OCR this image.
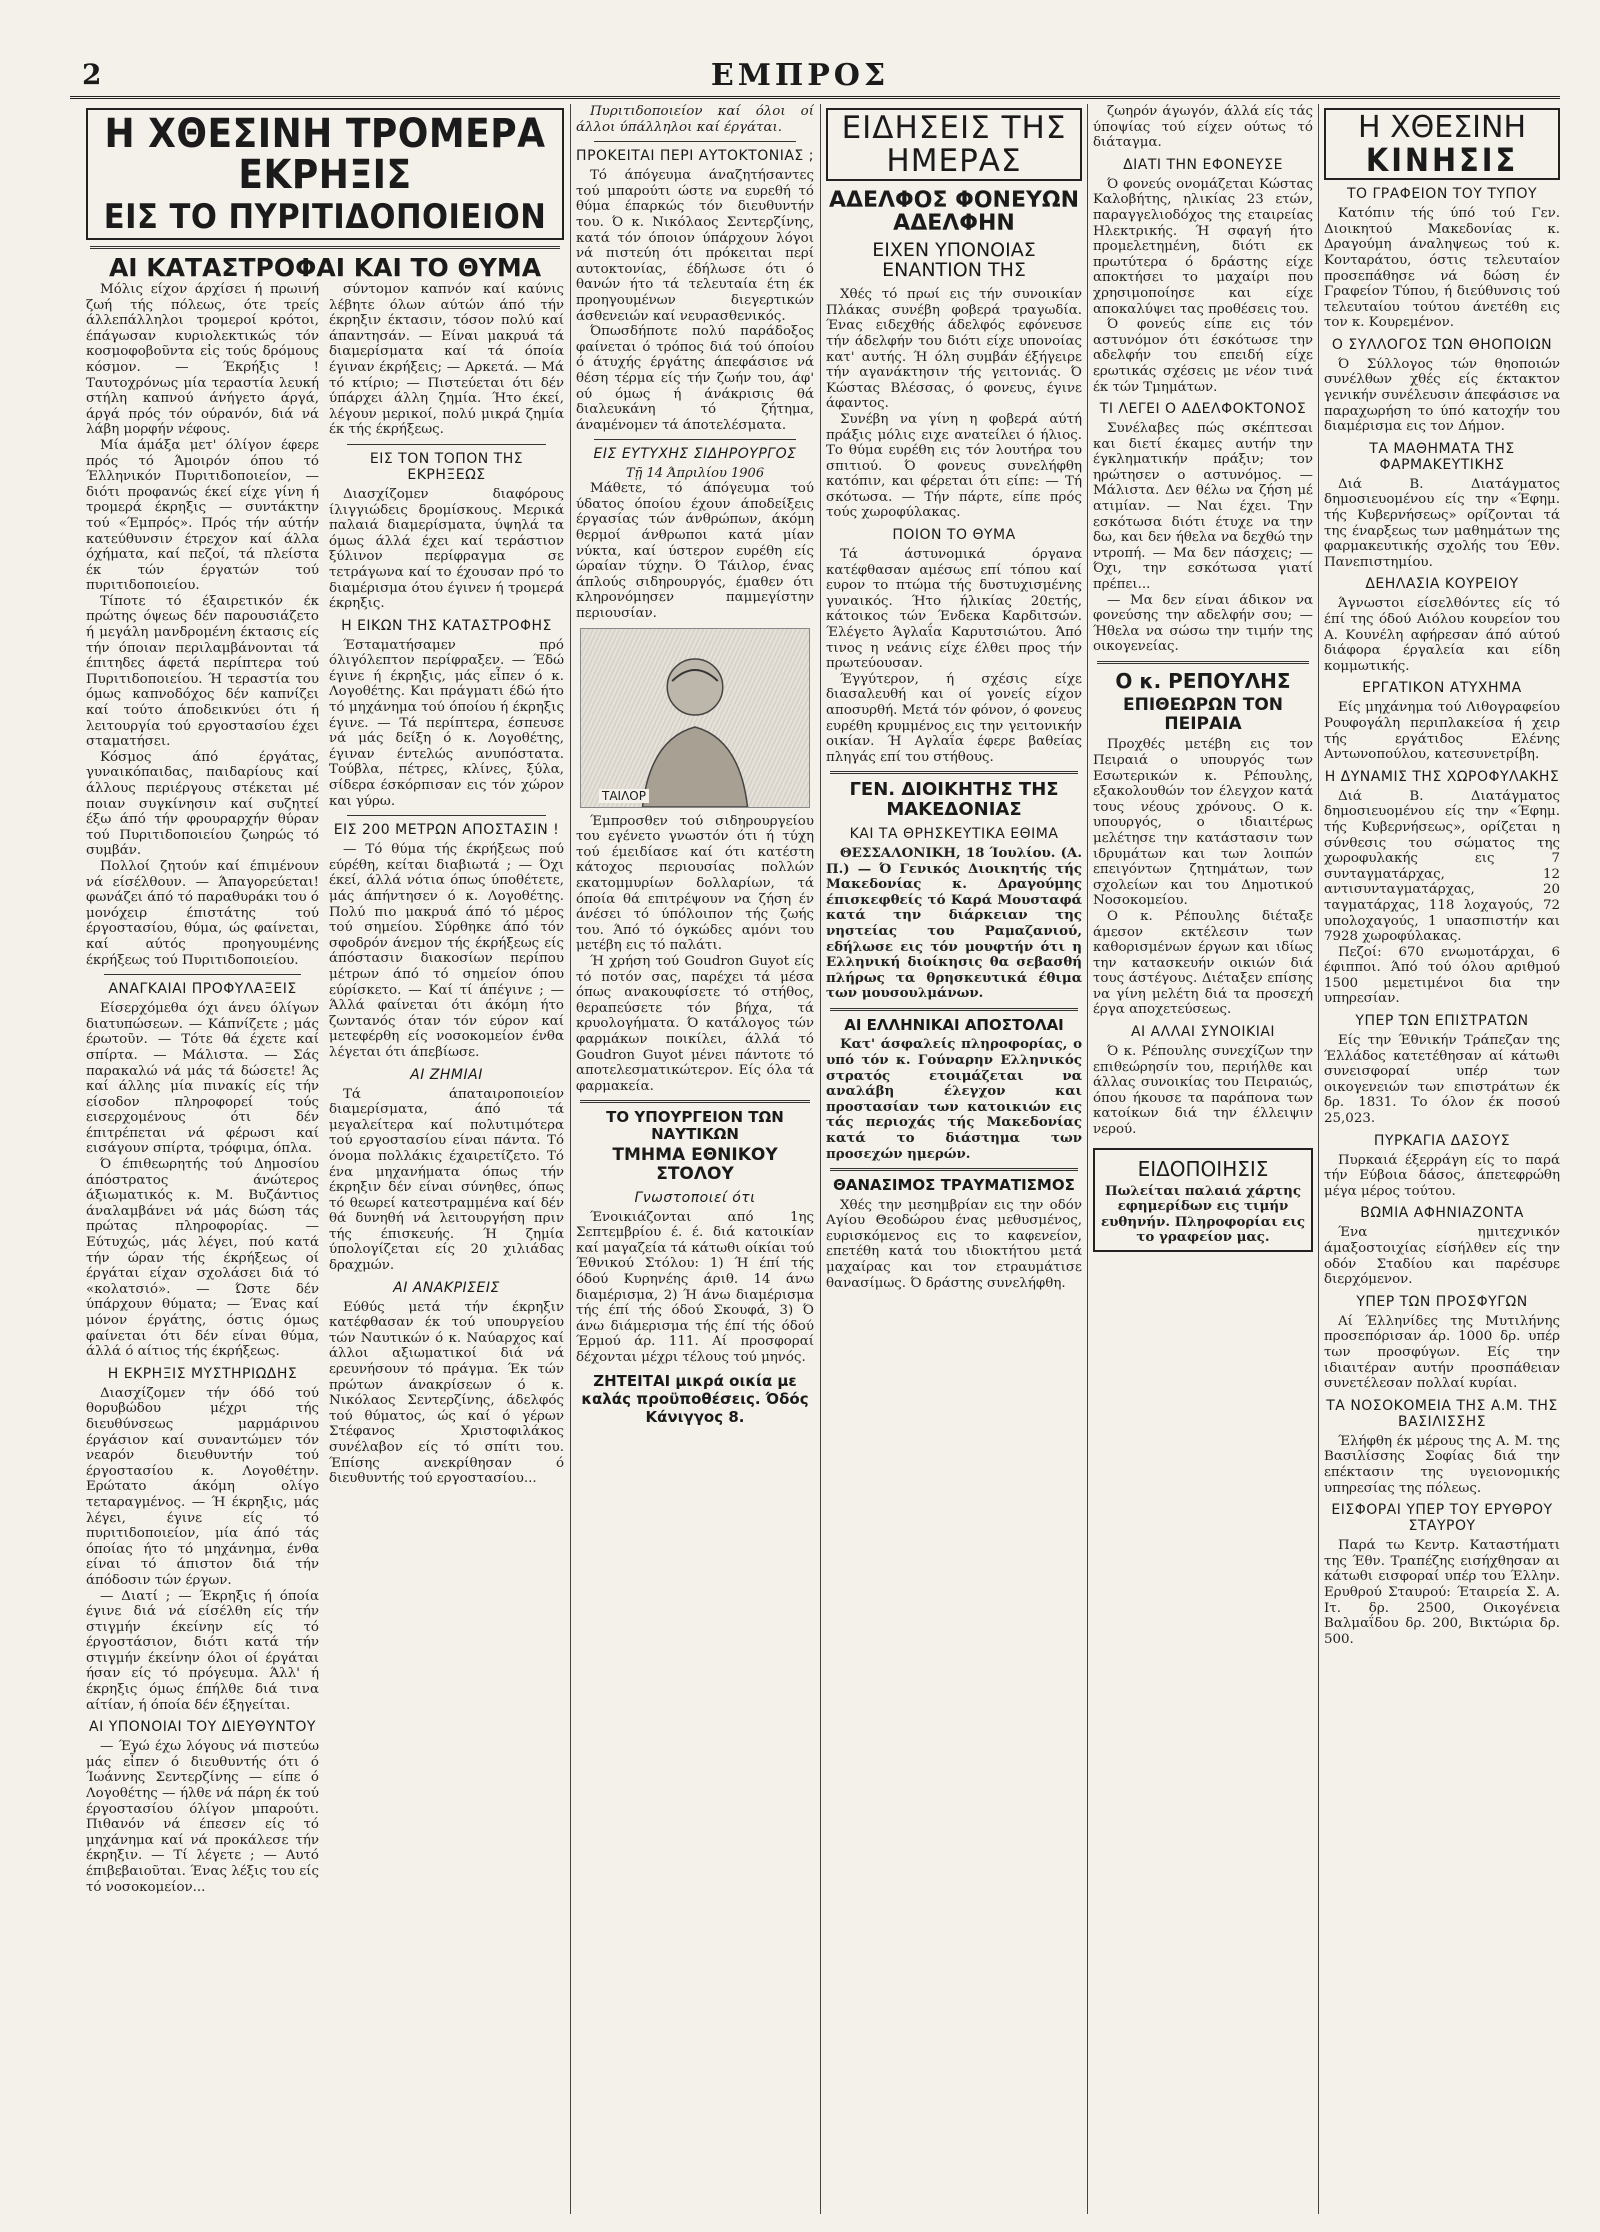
2	ΕΜΠΡΟΣ
Η ΧΘΕΣΙΝΗ ΤΡΟΜΕΡΑ ΕΚΡΗΞΙΣ
ΕΙΣ ΤΟ ΠΥΡΙΤΙΔΟΠΟΙΕΙΟΝ
ΑΙ ΚΑΤΑΣΤΡΟΦΑΙ ΚΑΙ ΤΟ ΘΥΜΑ

Μόλις είχον άρχίσει ή πρωινή ζωή τής πόλεως, ότε τρείς άλλεπάλληλοι τρομεροί κρότοι, έπάγωσαν κυριολεκτικώς τόν κοσμοφοβοῦντα εἰς τούς δρόμους κόσμον. — Έκρήξις ! Ταυτοχρόνως μία τεραστία λευκή στήλη καπνού άνήγετο άργά, άργά πρός τόν ούρανόν, διά νά λάβη μορφήν νέφους.

Μία άμάξα μετ' όλίγον έφερε πρός τό Άμοιρόν όπου τό Έλληνικόν Πυριτιδοποιείον, — διότι προφανώς έκεί είχε γίνη ή τρομερά έκρηξις — συντάκτην τού «Έμπρός». Πρός τήν αύτήν κατεύθυνσιν έτρεχον καί άλλα όχήματα, καί πεζοί, τά πλείστα έκ τών έργατών τού πυριτιδοποιείου.

Τίποτε τό έξαιρετικόν έκ πρώτης όψεως δέν παρουσιάζετο ή μεγάλη μανδρομένη έκτασις είς τήν όποιαν περιλαμβάνονται τά έπιτηδες άφετά περίπτερα τού Πυριτιδοποιείου. Ή τεραστία του όμως καπνοδόχος δέν καπνίζει καί τούτο άποδεικνύει ότι ή λειτουργία τού εργοστασίου έχει σταματήσει.

Κόσμος άπό έργάτας, γυναικόπαιδας, παιδαρίους καί άλλους περιέργους στέκεται μέ ποιαν συγκίνησιν καί συζητεί έξω άπό τήν φρουραρχήν θύραν τού Πυριτιδοποιείου ζωηρώς τό συμβάν.

Πολλοί ζητούν καί έπιμένουν νά είσέλθουν. — Άπαγορεύεται! φωνάζει άπό τό παραθυράκι του ό μονόχειρ έπιστάτης τού έργοστασίου, θύμα, ώς φαίνεται, καί αύτός προηγουμένης έκρήξεως τού Πυριτιδοποιείου.

ΑΝΑΓΚΑΙΑΙ ΠΡΟΦΥΛΑΞΕΙΣ

Είσερχόμεθα όχι άνευ όλίγων διατυπώσεων. — Κάπνίζετε ; μάς έρωτοῦν. — Τότε θά έχετε καί σπίρτα. — Μάλιστα. — Σάς παρακαλώ νά μάς τά δώσετε! Άς καί άλλης μία πινακίς είς τήν είσοδον πληροφορεί τούς εισερχομένους ότι δέν έπιτρέπεται νά φέρωσι καί εισάγουν σπίρτα, τρόφιμα, όπλα.

Ό έπιθεωρητής τού Δημοσίου άπόστρατος άνώτερος άξιωματικός κ. Μ. Βυζάντιος άναλαμβάνει νά μάς δώση τάς πρώτας πληροφορίας. — Εύτυχώς, μάς λέγει, πού κατά τήν ώραν τής έκρήξεως οί έργάται είχαν σχολάσει διά τό «κολατσιό». — Ώστε δέν ύπάρχουν θύματα; — Ένας καί μόνον έργάτης, όστις όμως φαίνεται ότι δέν είναι θύμα, άλλά ό αίτιος τής έκρήξεως.

Η ΕΚΡΗΞΙΣ ΜΥΣΤΗΡΙΩΔΗΣ

Διασχίζομεν τήν όδό τού θορυβώδου μέχρι τής διευθύνσεως μαρμάρινου έργάσιον καί συναντώμεν τόν νεαρόν διευθυντήν τού έργοστασίου κ. Λογοθέτην. Ερώτατο άκόμη ολίγο τεταραγμένος. — Ή έκρηξις, μάς λέγει, έγινε είς τό πυριτιδοποιείον, μία άπό τάς όποίας ήτο τό μηχάνημα, ένθα είναι τό άπιστον διά τήν άπόδοσιν τών έργων.

— Διατί ; — Έκρηξις ή όποία έγινε διά νά είσέλθη είς τήν στιγμήν έκείνην είς τό έργοστάσιον, διότι κατά τήν στιγμήν έκείνην όλοι οί έργάται ήσαν είς τό πρόγευμα. Άλλ' ή έκρηξις όμως έπήλθε διά τινα αίτίαν, ή όποία δέν έξηγείται.

ΑΙ ΥΠΟΝΟΙΑΙ ΤΟΥ ΔΙΕΥΘΥΝΤΟΥ

— Έγώ έχω λόγους νά πιστεύω μάς εἶπεν ό διευθυντής ότι ό Ίωάννης Σεντερζίνης — είπε ό Λογοθέτης — ήλθε νά πάρη έκ τού έργοστασίου όλίγον μπαρούτι. Πιθανόν νά έπεσεν είς τό μηχάνημα καί νά προκάλεσε τήν έκρηξιν. — Τί λέγετε ; — Αυτό έπιβεβαιοῦται. Ένας λέξις του είς τό νοσοκομείον...

σύντομον καπνόν καί καύνις λέβητε όλων αύτών άπό τήν έκρηξιν έκτασιν, τόσον πολύ καί άπαντησάν. — Είναι μακρυά τά διαμερίσματα καί τά όποία έγιναν έκρήξεις; — Αρκετά. — Μά τό κτίριο; — Πιστεύεται ότι δέν ύπάρχει άλλη ζημία. Ήτο έκεί, λέγουν μερικοί, πολύ μικρά ζημία έκ τής έκρήξεως.

ΕΙΣ ΤΟΝ ΤΟΠΟΝ ΤΗΣ ΕΚΡΗΞΕΩΣ

Διασχίζομεν διαφόρους ίλιγγιώδεις δρομίσκους. Μερικά παλαιά διαμερίσματα, ύψηλά τα όμως άλλά έχει καί τεράστιον ξύλινον περίφραγμα σε τετράγωνα καί το έχουσαν πρό το διαμέρισμα ότου έγινεν ή τρομερά έκρηξις.

Η ΕΙΚΩΝ ΤΗΣ ΚΑΤΑΣΤΡΟΦΗΣ

Έσταματήσαμεν πρό όλιγόλεπτον περίφραξεν. — Έδώ έγινε ή έκρηξις, μάς εἶπεν ό κ. Λογοθέτης. Και πράγματι έδώ ήτο τό μηχάνημα τού όποίου ή έκρηξις έγινε. — Τά περίπτερα, έσπευσε νά μάς δείξη ό κ. Λογοθέτης, έγιναν έντελώς ανυπόστατα. Τούβλα, πέτρες, κλίνες, ξύλα, σίδερα έσκόρπισαν εις τόν χώρον και γύρω.

ΕΙΣ 200 ΜΕΤΡΩΝ ΑΠΟΣΤΑΣΙΝ !

— Τό θύμα τής έκρήξεως πού εύρέθη, κείται διαβιωτά ; — Όχι έκεί, άλλά νότια όπως ύποθέτετε, μάς άπήντησεν ό κ. Λογοθέτης. Πολύ πιο μακρυά άπό τό μέρος τού σημείου. Σύρθηκε άπό τόν σφοδρόν άνεμον τής έκρήξεως είς άπόστασιν διακοσίων περίπου μέτρων άπό τό σημείον όπου εύρίσκετο. — Καί τί άπέγινε ; — Άλλά φαίνεται ότι άκόμη ήτο ζωντανός όταν τόν εύρον καί μετεφέρθη είς νοσοκομείον ένθα λέγεται ότι άπεβίωσε.

ΑΙ ΖΗΜΙΑΙ

Τά άπαταιροποιείον διαμερίσματα, άπό τά μεγαλείτερα καί πολυτιμότερα τού εργοστασίου είναι πάντα. Τό όνομα πολλάκις έχαιρετίζετο. Τό ένα μηχανήματα όπως τήν έκρηξιν δέν είναι σύνηθες, όπως τό θεωρεί κατεστραμμένα καί δέν θά δυνηθή νά λειτουργήση πριν τής έπισκευής. Ή ζημία ύπολογίζεται είς 20 χιλιάδας δραχμών.

ΑΙ ΑΝΑΚΡΙΣΕΙΣ

Εύθύς μετά τήν έκρηξιν κατέφθασαν έκ τού υπουργείου τών Ναυτικών ό κ. Ναύαρχος καί άλλοι αξιωματικοί διά νά ερευνήσουν τό πράγμα. Έκ τών πρώτων άνακρίσεων ό κ. Νικόλαος Σεντερζίνης, άδελφός τού θύματος, ώς καί ό γέρων Στέφανος Χριστοφιλάκος συνέλαβον είς τό σπίτι του. Έπίσης ανεκρίθησαν ό διευθυντής τού εργοστασίου...

Πυριτιδοποιείον καί όλοι οί άλλοι ύπάλληλοι καί έργάται.

ΠΡΟΚΕΙΤΑΙ ΠΕΡΙ ΑΥΤΟΚΤΟΝΙΑΣ ;

Τό άπόγευμα άναζητήσαντες τού μπαρούτι ώστε να ευρεθή τό θύμα έπαρκώς τόν διευθυντήν του. Ό κ. Νικόλαος Σεντερζίνης, κατά τόν όποιον ύπάρχουν λόγοι νά πιστεύη ότι πρόκειται περί αυτοκτονίας, έδήλωσε ότι ό θανών ήτο τά τελευταία έτη έκ προηγουμένων διεγερτικών άσθενειών καί νευρασθενικός.

Όπωσδήποτε πολύ παράδοξος φαίνεται ό τρόπος διά τού όποίου ό άτυχής έργάτης άπεφάσισε νά θέση τέρμα είς τήν ζωήν του, άφ' ού όμως ή άνάκρισις θά διαλευκάνη τό ζήτημα, άναμένομεν τά άποτελέσματα.

ΕΙΣ ΕΥΤΥΧΗΣ ΣΙΔΗΡΟΥΡΓΟΣ
Τῇ 14 Άπριλίου 1906

Μάθετε, τό άπόγευμα τού ύδατος όποίου έχουν άποδείξεις έργασίας τών άνθρώπων, άκόμη θερμοί άνθρωποι κατά μίαν νύκτα, καί ύστερον ευρέθη είς ώραίαν τύχην. Ό Τάιλορ, ένας άπλούς σιδηρουργός, έμαθεν ότι κληρονόμησεν παμμεγίστην περιουσίαν.

ΤΑΙΛΟΡ

Έμπροσθεν τού σιδηρουργείου του εγένετο γνωστόν ότι ή τύχη τού έμειδίασε καί ότι κατέστη κάτοχος περιουσίας πολλών εκατομμυρίων δολλαρίων, τά όποία θά επιτρέψουν να ζήση έν άνέσει τό ύπόλοιπον τής ζωής του. Άπό τό όγκώδες αμόνι του μετέβη εις τό παλάτι.

Ή χρήση τού Goudron Guyot είς τό ποτόν σας, παρέχει τά μέσα όπως ανακουφίσετε τό στήθος, θεραπεύσετε τόν βήχα, τά κρυολογήματα. Ό κατάλογος τών φαρμάκων ποικίλει, άλλά τό Goudron Guyot μένει πάντοτε τό αποτελεσματικώτερον. Είς όλα τά φαρμακεία.

ΤΟ ΥΠΟΥΡΓΕΙΟΝ ΤΩΝ ΝΑΥΤΙΚΩΝ
ΤΜΗΜΑ ΕΘΝΙΚΟΥ ΣΤΟΛΟΥ
Γνωστοποιεί ότι

Ένοικιάζονται από 1ης Σεπτεμβρίου έ. έ. διά κατοικίαν καί μαγαζεία τά κάτωθι οίκίαι τού Έθνικού Στόλου: 1) Ή έπί τής όδού Κυρηνέης άριθ. 14 άνω διαμέρισμα, 2) Ή άνω διαμέρισμα τής έπί τής όδού Σκουφά, 3) Ό άνω διάμερισμα τής έπί τής όδού Έρμού άρ. 111. Αί προσφοραί δέχονται μέχρι τέλους τού μηνός.

ΖΗΤΕΙΤΑΙ μικρά οικία με καλάς προϋποθέσεις. Όδός Κάνιγγος 8.
ΕΙΔΗΣΕΙΣ ΤΗΣ ΗΜΕΡΑΣ
ΑΔΕΛΦΟΣ ΦΟΝΕΥΩΝ ΑΔΕΛΦΗΝ
ΕΙΧΕΝ ΥΠΟΝΟΙΑΣ ΕΝΑΝΤΙΟΝ ΤΗΣ

Χθές τό πρωί εις τήν συνοικίαν Πλάκας συνέβη φοβερά τραγωδία. Ένας ειδεχθής άδελφός εφόνευσε τήν άδελφήν του διότι είχε υπονοίας κατ' αυτής. Ή όλη συμβάν έξήγειρε τήν αγανάκτησιν τής γειτονιάς. Ό Κώστας Βλέσσας, ό φονευς, έγινε άφαντος.

Συνέβη να γίνη η φοβερά αύτή πράξις μόλις ειχε ανατείλει ό ήλιος. Το θύμα ευρέθη εις τόν λουτήρα του σπιτιού. Ό φονευς συνελήφθη κατόπιν, και φέρεται ότι είπε: — Τή σκότωσα. — Τήν πάρτε, είπε πρός τούς χωροφύλακας.

ΠΟΙΟΝ ΤΟ ΘΥΜΑ

Τά άστυνομικά όργανα κατέφθασαν αμέσως επί τόπου καί ευρον το πτώμα τής δυστυχισμένης γυναικός. Ήτο ήλικίας 20ετής, κάτοικος τών Ένδεκα Καρδιτσών. Έλέγετο Άγλαΐα Καρυτσιώτου. Άπό τινος η νεάνις είχε έλθει προς τήν πρωτεύουσαν.

Έγγύτερον, ή σχέσις είχε διασαλευθή και οί γονείς είχον αποσυρθή. Μετά τόν φόνον, ό φονευς ευρέθη κρυμμένος εις την γειτονικήν οικίαν. Ή Αγλαΐα έφερε βαθείας πληγάς επί του στήθους.

ΓΕΝ. ΔΙΟΙΚΗΤΗΣ ΤΗΣ ΜΑΚΕΔΟΝΙΑΣ
ΚΑΙ ΤΑ ΘΡΗΣΚΕΥΤΙΚΑ ΕΘΙΜΑ

ΘΕΣΣΑΛΟΝΙΚΗ, 18 Ίουλίου. (Α. Π.) — Ό Γενικός Διοικητής τής Μακεδονίας κ. Δραγούμης έπισκεφθείς τό Καρά Μουσταφά κατά την διάρκειαν της νηστείας του Ραμαζανιού, εδήλωσε εις τόν μουφτήν ότι η Ελληνική διοίκησις θα σεβασθή πλήρως τα θρησκευτικά έθιμα των μουσουλμάνων.

ΑΙ ΕΛΛΗΝΙΚΑΙ ΑΠΟΣΤΟΛΑΙ

Κατ' άσφαλείς πληροφορίας, ο υπό τόν κ. Γούναρην Ελληνικός στρατός ετοιμάζεται να αναλάβη έλεγχον και προστασίαν των κατοικιών εις τάς περιοχάς τής Μακεδονίας κατά το διάστημα των προσεχών ημερών.

ΘΑΝΑΣΙΜΟΣ ΤΡΑΥΜΑΤΙΣΜΟΣ

Χθές την μεσημβρίαν εις την οδόν Αγίου Θεοδώρου ένας μεθυσμένος, ευρισκόμενος εις το καφενείον, επετέθη κατά του ιδιοκτήτου μετά μαχαίρας και τον ετραυμάτισε θανασίμως. Ό δράστης συνελήφθη.

ζωηρόν άγωγόν, άλλά είς τάς ύποψίας τού είχεν ούτως τό διάταγμα.

ΔΙΑΤΙ ΤΗΝ ΕΦΟΝΕΥΣΕ

Ό φονεύς ονομάζεται Κώστας Καλοβήτης, ηλικίας 23 ετών, παραγγελιοδόχος της εταιρείας Ηλεκτρικής. Ή σφαγή ήτο προμελετημένη, διότι εκ πρωτύτερα ό δράστης είχε αποκτήσει το μαχαίρι που χρησιμοποίησε και είχε αποκαλύψει τας προθέσεις του.

Ό φονεύς είπε εις τόν αστυνόμον ότι έσκότωσε την αδελφήν του επειδή είχε ερωτικάς σχέσεις με νέον τινά έκ τών Τμημάτων.

ΤΙ ΛΕΓΕΙ Ο ΑΔΕΛΦΟΚΤΟΝΟΣ

Συνέλαβες πώς σκέπτεσαι και διετί έκαμες αυτήν την έγκληματικήν πράξιν; τον ηρώτησεν ο αστυνόμος. — Μάλιστα. Δεν θέλω να ζήση μέ ατιμίαν. — Ναι έχει. Την εσκότωσα διότι έτυχε να την δω, και δεν ήθελα να δεχθώ την ντροπή. — Μα δεν πάσχεις; — Όχι, την εσκότωσα γιατί πρέπει...

— Μα δεν είναι άδικον να φονεύσης την αδελφήν σου; — Ήθελα να σώσω την τιμήν της οικογενείας.

Ο κ. ΡΕΠΟΥΛΗΣ
ΕΠΙΘΕΩΡΩΝ ΤΟΝ ΠΕΙΡΑΙΑ

Προχθές μετέβη εις τον Πειραιά ο υπουργός των Εσωτερικών κ. Ρέπουλης, εξακολουθών τον έλεγχον κατά τους νέους χρόνους. Ο κ. υπουργός, ο ιδιαιτέρως μελέτησε την κατάστασιν των ιδρυμάτων και των λοιπών επειγόντων ζητημάτων, των σχολείων και του Δημοτικού Νοσοκομείου.

Ο κ. Ρέπουλης διέταξε άμεσον εκτέλεσιν των καθορισμένων έργων και ιδίως την κατασκευήν οικιών διά τους άστέγους. Διέταξεν επίσης να γίνη μελέτη διά τα προσεχή έργα αποχετεύσεως.

ΑΙ ΑΛΛΑΙ ΣΥΝΟΙΚΙΑΙ

Ό κ. Ρέπουλης συνεχίζων την επιθεώρησίν του, περιήλθε και άλλας συνοικίας του Πειραιώς, όπου ήκουσε τα παράπονα των κατοίκων διά την έλλειψιν νερού.

ΕΙΔΟΠΟΙΗΣΙΣ

Πωλείται παλαιά χάρτης εφημερίδων εις τιμήν ευθηνήν. Πληροφορίαι εις το γραφείον μας.

Η ΧΘΕΣΙΝΗ
ΚΙΝΗΣΙΣ
ΤΟ ΓΡΑΦΕΙΟΝ ΤΟΥ ΤΥΠΟΥ

Κατόπιν τής ύπό τού Γεν. Διοικητού Μακεδονίας κ. Δραγούμη άναληψεως τού κ. Κονταράτου, όστις τελευταίον προσεπάθησε νά δώση έν Γραφείον Τύπου, ή διεύθυνσις τού τελευταίου τούτου άνετέθη εις τον κ. Κουρεμένον.

Ο ΣΥΛΛΟΓΟΣ ΤΩΝ ΘΗΟΠΟΙΩΝ

Ό Σύλλογος τών θηοποιών συνέλθων χθές είς έκτακτον γενικήν συνέλευσιν άπεφάσισε να παραχωρήση το ύπό κατοχήν του διαμέρισμα εις τον Δήμον.

ΤΑ ΜΑΘΗΜΑΤΑ ΤΗΣ ΦΑΡΜΑΚΕΥΤΙΚΗΣ

Διά Β. Διατάγματος δημοσιευομένου είς την «Έφημ. τής Κυβερνήσεως» ορίζονται τά της έναρξεως των μαθημάτων της φαρμακευτικής σχολής του Έθν. Πανεπιστημίου.

ΔΕΗΛΑΣΙΑ ΚΟΥΡΕΙΟΥ

Άγνωστοι είσελθόντες είς τό έπί της όδού Αιόλου κουρείον του Α. Κουνέλη αφήρεσαν άπό αύτού διάφορα έργαλεία και είδη κομμωτικής.

ΕΡΓΑΤΙΚΟΝ ΑΤΥΧΗΜΑ

Είς μηχάνημα τού Λιθογραφείου Ρουφογάλη περιπλακείσα ή χειρ τής εργάτιδος Ελένης Αντωνοπούλου, κατεσυνετρίβη.

Η ΔΥΝΑΜΙΣ ΤΗΣ ΧΩΡΟΦΥΛΑΚΗΣ

Διά Β. Διατάγματος δημοσιευομένου είς την «Έφημ. τής Κυβερνήσεως», ορίζεται η σύνθεσις του σώματος της χωροφυλακής εις 7 συνταγματάρχας, 12 αντισυνταγματάρχας, 20 ταγματάρχας, 118 λοχαγούς, 72 υπολοχαγούς, 1 υπασπιστήν και 7928 χωροφύλακας.

Πεζοί: 670 ενωμοτάρχαι, 6 έφιπποι. Άπό τού όλου αριθμού 1500 μεμετιμένοι δια την υπηρεσίαν.

ΥΠΕΡ ΤΩΝ ΕΠΙΣΤΡΑΤΩΝ

Είς την Έθνικήν Τράπεζαν της Έλλάδος κατετέθησαν αί κάτωθι συνεισφοραί υπέρ των οικογενειών των επιστράτων έκ δρ. 1831. Το όλον έκ ποσού 25,023.

ΠΥΡΚΑΓΙΑ ΔΑΣΟΥΣ

Πυρκαιά έξερράγη είς το παρά τήν Εύβοια δάσος, άπετεφρώθη μέγα μέρος τούτου.

ΒΩΜΙΑ ΑΦΗΝΙΑΖΟΝΤΑ

Ένα ημιτεχνικόν άμαξοστοιχίας είσήλθεν είς την οδόν Σταδίου και παρέσυρε διερχόμενον.

ΥΠΕΡ ΤΩΝ ΠΡΟΣΦΥΓΩΝ

Αί Έλληνίδες της Μυτιλήνης προσεπόρισαν άρ. 1000 δρ. υπέρ των προσφύγων. Είς την ιδιαιτέραν αυτήν προσπάθειαν συνετέλεσαν πολλαί κυρίαι.

ΤΑ ΝΟΣΟΚΟΜΕΙΑ ΤΗΣ Α.Μ. ΤΗΣ ΒΑΣΙΛΙΣΣΗΣ

Έλήφθη έκ μέρους της Α. Μ. της Βασιλίσσης Σοφίας διά την επέκτασιν της υγειονομικής υπηρεσίας της πόλεως.

ΕΙΣΦΟΡΑΙ ΥΠΕΡ ΤΟΥ ΕΡΥΘΡΟΥ ΣΤΑΥΡΟΥ

Παρά τω Κεντρ. Καταστήματι της Έθν. Τραπέζης εισήχθησαν αι κάτωθι εισφοραί υπέρ του Έλλην. Ερυθρού Σταυρού: Έταιρεία Σ. Α. Ιτ. δρ. 2500, Οικογένεια Βαλμαΐδου δρ. 200, Βικτώρια δρ. 500.
